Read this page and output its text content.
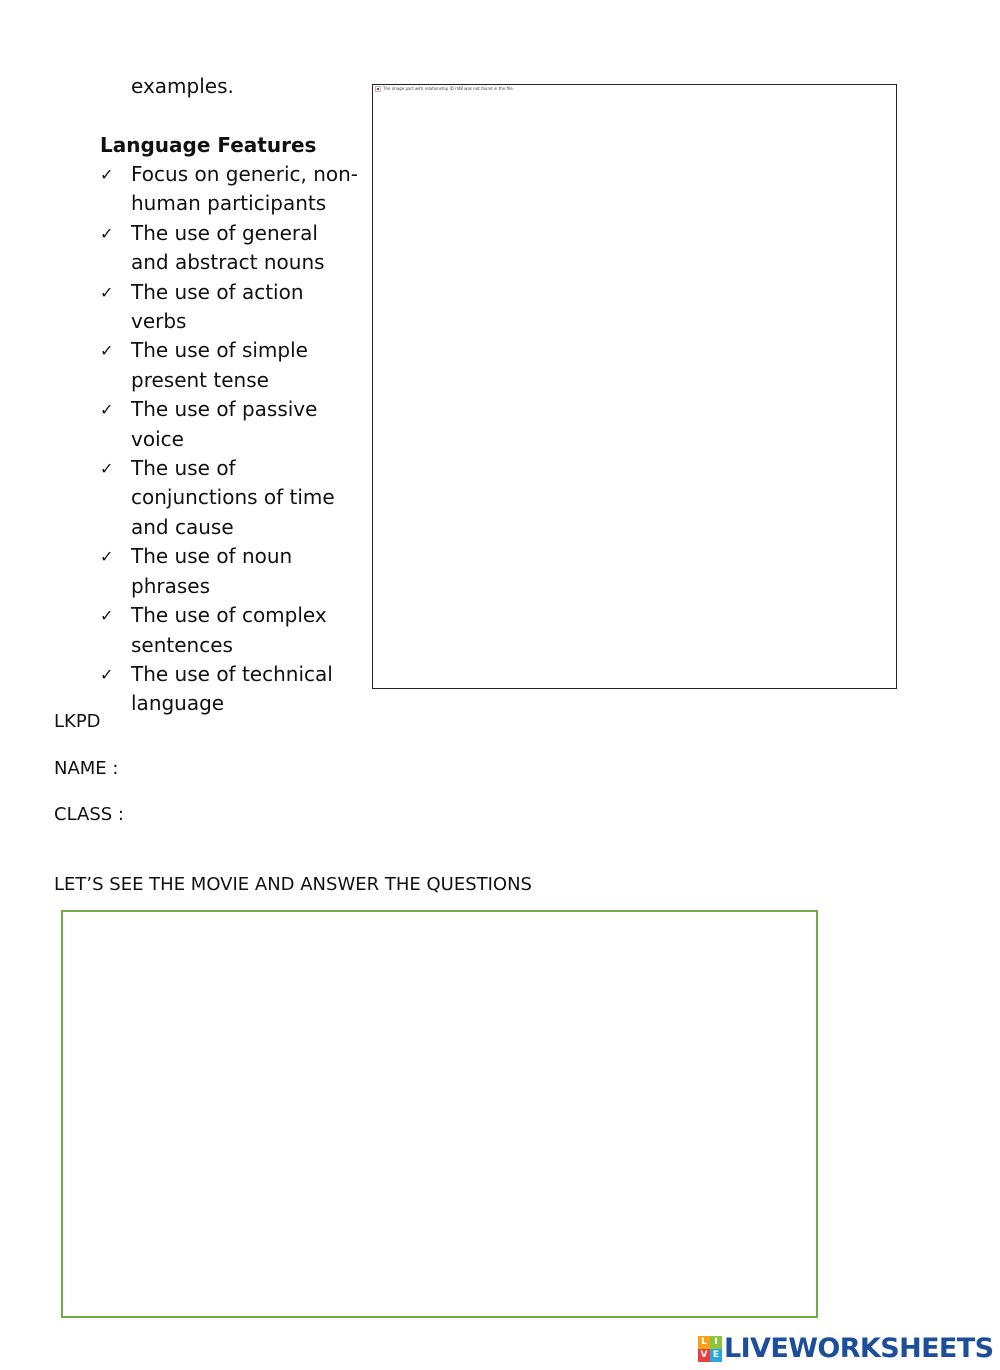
examples.
Language Features
✓ Focus on generic, non-human participants
✓ The use of general and abstract nouns
✓ The use of action verbs
✓ The use of simple present tense
✓ The use of passive voice
✓ The use of conjunctions of time and cause
✓ The use of noun phrases
✓ The use of complex sentences
✓ The use of technical language
The image part with relationship ID rId8 was not found in the file.
LKPD
NAME :
CLASS :
LET’S SEE THE MOVIE AND ANSWER THE QUESTIONS
L I
V E LIVEWORKSHEETS
